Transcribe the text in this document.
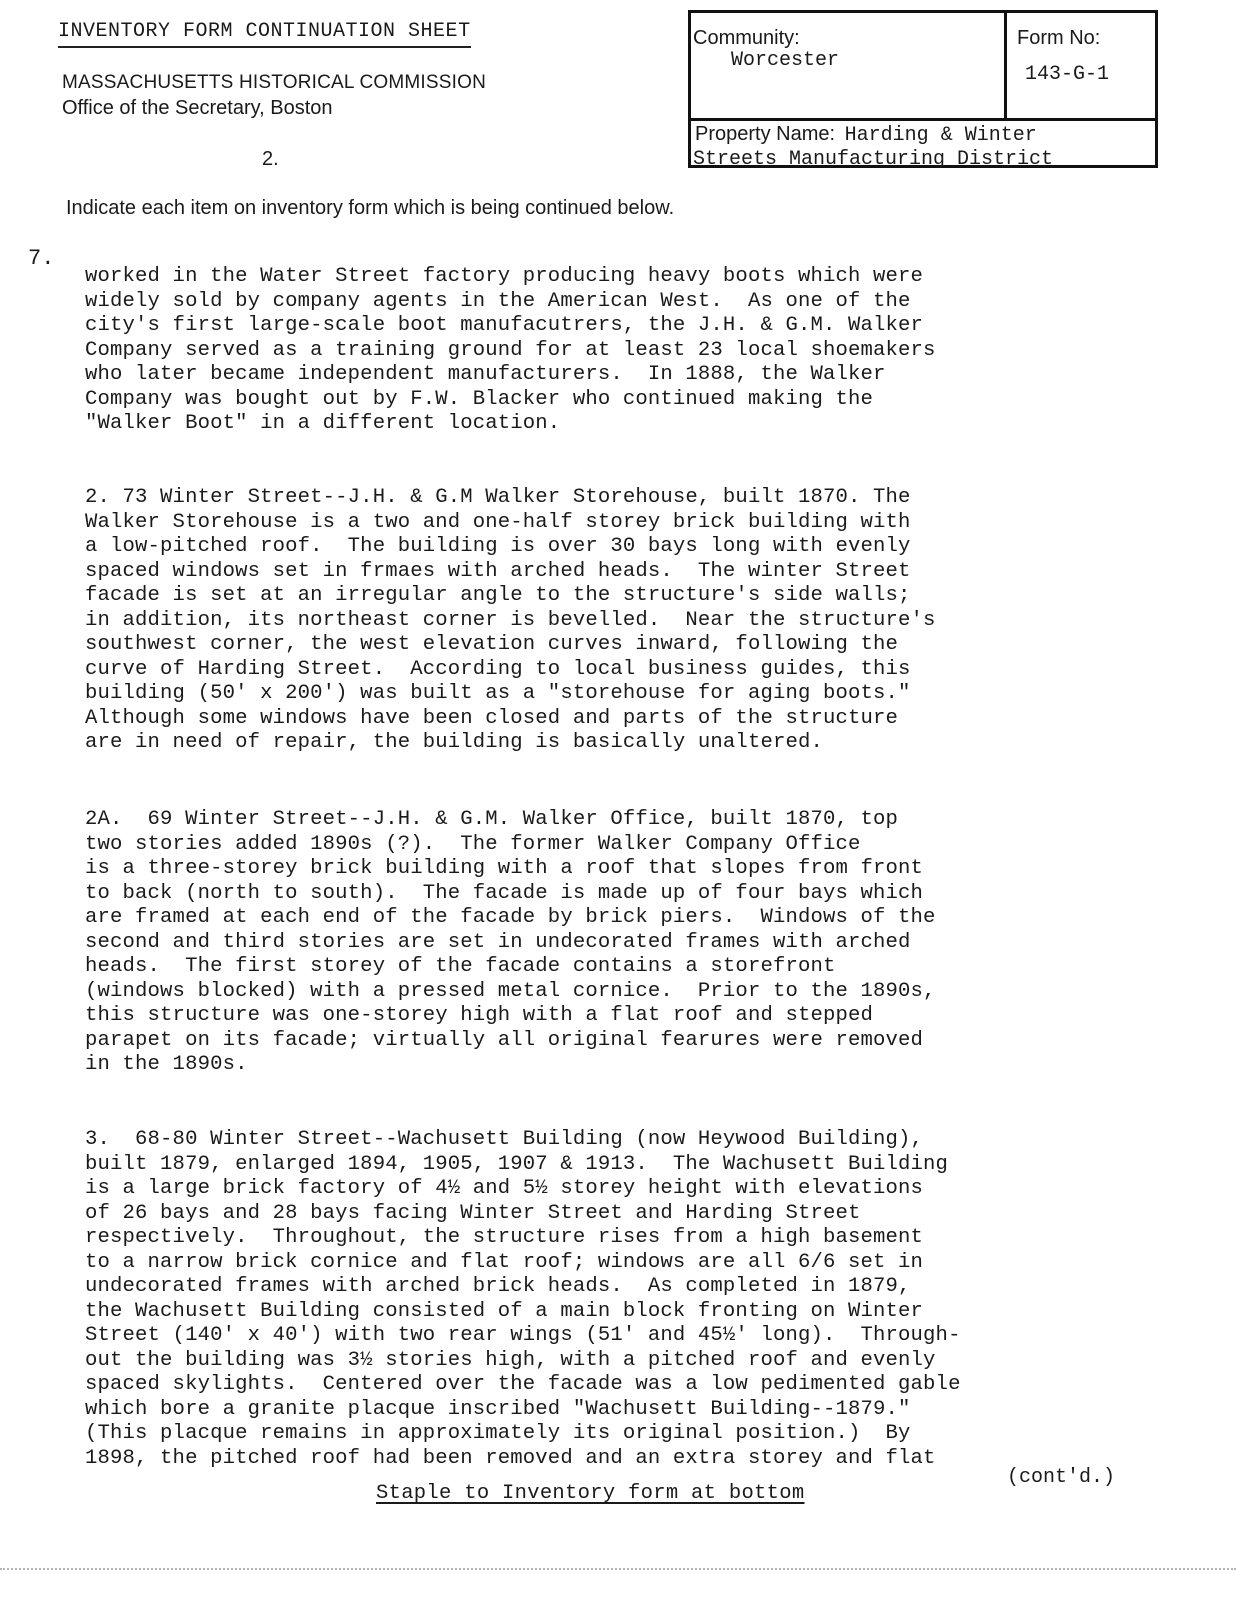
INVENTORY FORM CONTINUATION SHEET
MASSACHUSETTS HISTORICAL COMMISSION
Office of the Secretary, Boston
2.
Community:
Worcester
Form No:
143-G-1
Property Name: Harding & Winter
Streets Manufacturing District
Indicate each item on inventory form which is being continued below.
7.
worked in the Water Street factory producing heavy boots which were
widely sold by company agents in the American West.  As one of the
city's first large-scale boot manufacutrers, the J.H. & G.M. Walker
Company served as a training ground for at least 23 local shoemakers
who later became independent manufacturers.  In 1888, the Walker
Company was bought out by F.W. Blacker who continued making the
"Walker Boot" in a different location.
2. 73 Winter Street--J.H. & G.M Walker Storehouse, built 1870. The
Walker Storehouse is a two and one-half storey brick building with
a low-pitched roof.  The building is over 30 bays long with evenly
spaced windows set in frmaes with arched heads.  The winter Street
facade is set at an irregular angle to the structure's side walls;
in addition, its northeast corner is bevelled.  Near the structure's
southwest corner, the west elevation curves inward, following the
curve of Harding Street.  According to local business guides, this
building (50' x 200') was built as a "storehouse for aging boots."
Although some windows have been closed and parts of the structure
are in need of repair, the building is basically unaltered.
2A.  69 Winter Street--J.H. & G.M. Walker Office, built 1870, top
two stories added 1890s (?).  The former Walker Company Office
is a three-storey brick building with a roof that slopes from front
to back (north to south).  The facade is made up of four bays which
are framed at each end of the facade by brick piers.  Windows of the
second and third stories are set in undecorated frames with arched
heads.  The first storey of the facade contains a storefront
(windows blocked) with a pressed metal cornice.  Prior to the 1890s,
this structure was one-storey high with a flat roof and stepped
parapet on its facade; virtually all original fearures were removed
in the 1890s.
3.  68-80 Winter Street--Wachusett Building (now Heywood Building),
built 1879, enlarged 1894, 1905, 1907 & 1913.  The Wachusett Building
is a large brick factory of 4½ and 5½ storey height with elevations
of 26 bays and 28 bays facing Winter Street and Harding Street
respectively.  Throughout, the structure rises from a high basement
to a narrow brick cornice and flat roof; windows are all 6/6 set in
undecorated frames with arched brick heads.  As completed in 1879,
the Wachusett Building consisted of a main block fronting on Winter
Street (140' x 40') with two rear wings (51' and 45½' long).  Through-
out the building was 3½ stories high, with a pitched roof and evenly
spaced skylights.  Centered over the facade was a low pedimented gable
which bore a granite placque inscribed "Wachusett Building--1879."
(This placque remains in approximately its original position.)  By
1898, the pitched roof had been removed and an extra storey and flat
(cont'd.)
Staple to Inventory form at bottom
